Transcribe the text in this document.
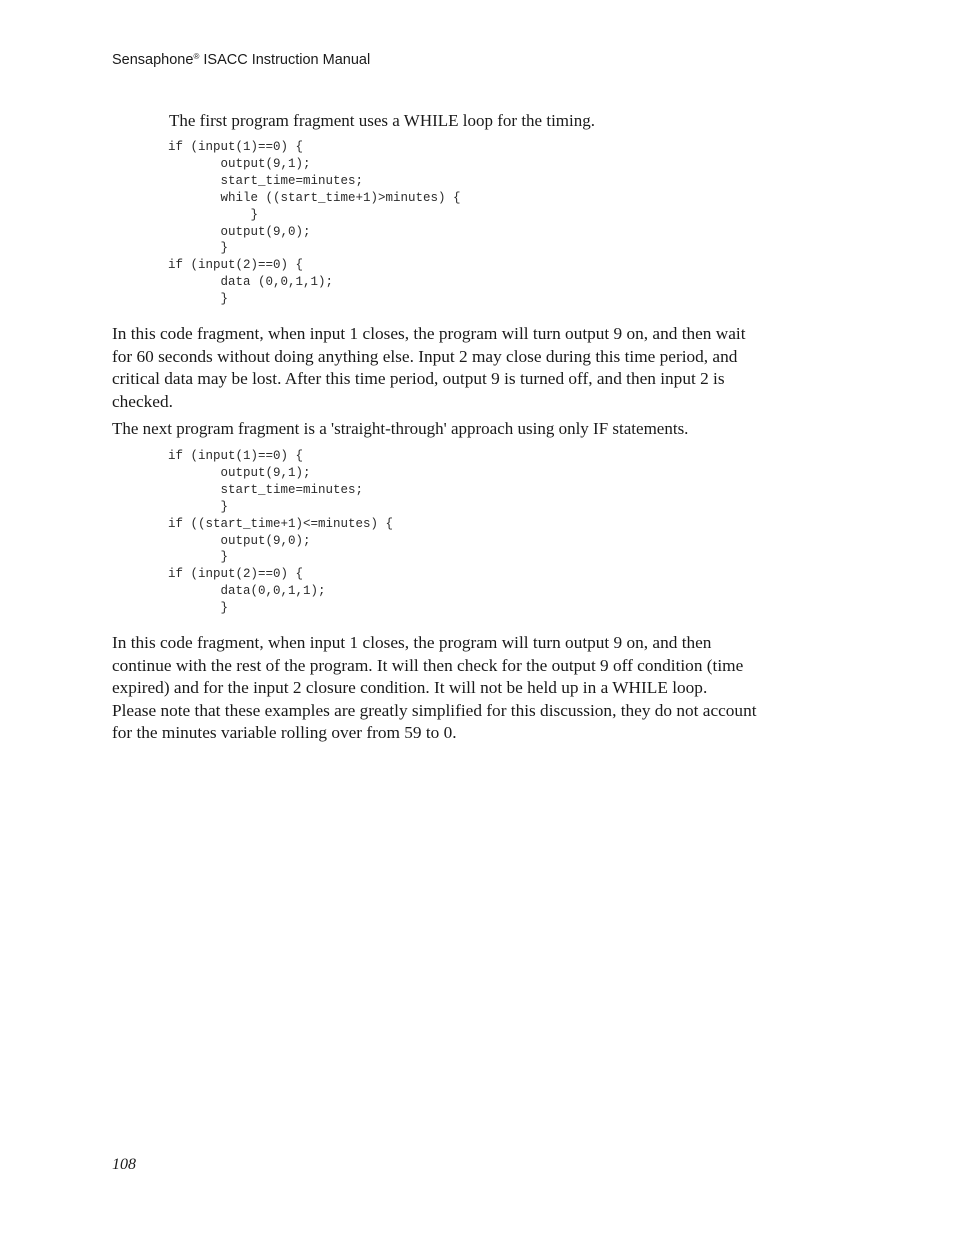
Sensaphone® ISACC Instruction Manual
The first program fragment uses a WHILE loop for the timing.
if (input(1)==0) {
output(9,1);
start_time=minutes;
while ((start_time+1)>minutes) {
}
output(9,0);
}
if (input(2)==0) {
data (0,0,1,1);
}
In this code fragment, when input 1 closes, the program will turn output 9 on, and then wait
for 60 seconds without doing anything else. Input 2 may close during this time period, and
critical data may be lost. After this time period, output 9 is turned off, and then input 2 is
checked.
The next program fragment is a 'straight-through' approach using only IF statements.
if (input(1)==0) {
output(9,1);
start_time=minutes;
}
if ((start_time+1)<=minutes) {
output(9,0);
}
if (input(2)==0) {
data(0,0,1,1);
}
In this code fragment, when input 1 closes, the program will turn output 9 on, and then
continue with the rest of the program. It will then check for the output 9 off condition (time
expired) and for the input 2 closure condition. It will not be held up in a WHILE loop.
Please note that these examples are greatly simplified for this discussion, they do not account
for the minutes variable rolling over from 59 to 0.
108
